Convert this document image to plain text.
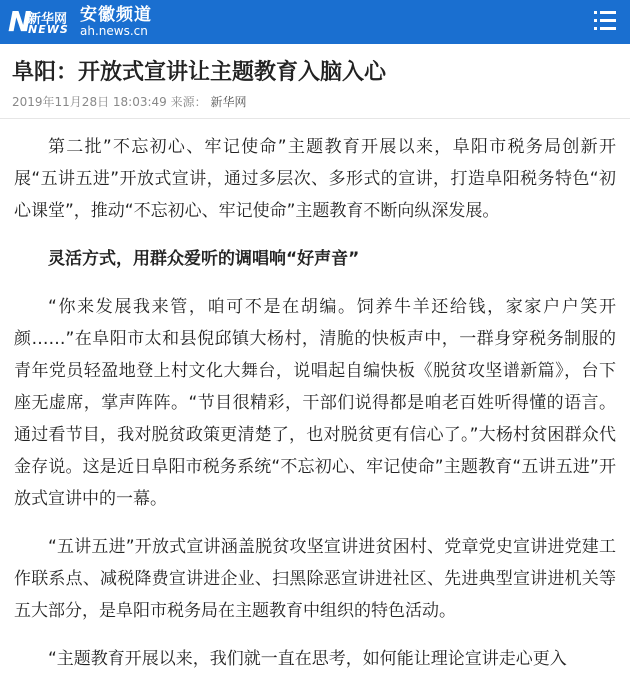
N
新华网
NEWS
安徽频道
ah.news.cn
阜阳：开放式宣讲让主题教育入脑入心
2019年11月28日 18:03:49 来源： 新华网

第二批”不忘初心、牢记使命”主题教育开展以来，阜阳市税务局创新开展“五讲五进”开放式宣讲，通过多层次、多形式的宣讲，打造阜阳税务特色“初心课堂”，推动“不忘初心、牢记使命”主题教育不断向纵深发展。

灵活方式，用群众爱听的调唱响“好声音”

“你来发展我来管，咱可不是在胡编。饲养牛羊还给钱，家家户户笑开颜……”在阜阳市太和县倪邱镇大杨村，清脆的快板声中，一群身穿税务制服的青年党员轻盈地登上村文化大舞台，说唱起自编快板《脱贫攻坚谱新篇》，台下座无虚席，掌声阵阵。“节目很精彩，干部们说得都是咱老百姓听得懂的语言。通过看节目，我对脱贫政策更清楚了，也对脱贫更有信心了。”大杨村贫困群众代金存说。这是近日阜阳市税务系统“不忘初心、牢记使命”主题教育“五讲五进”开放式宣讲中的一幕。

“五讲五进”开放式宣讲涵盖脱贫攻坚宣讲进贫困村、党章党史宣讲进党建工作联系点、减税降费宣讲进企业、扫黑除恶宣讲进社区、先进典型宣讲进机关等五大部分，是阜阳市税务局在主题教育中组织的特色活动。

“主题教育开展以来，我们就一直在思考，如何能让理论宣讲走心更入
